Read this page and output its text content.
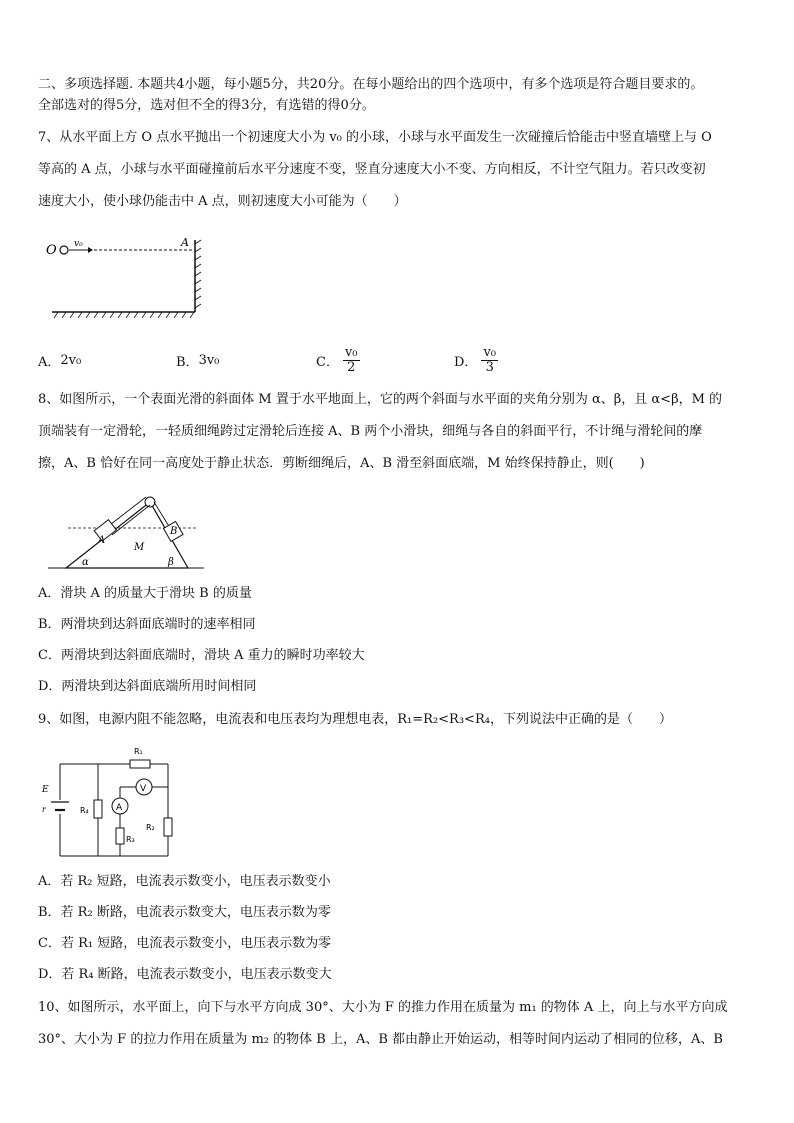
二、多项选择题. 本题共4小题，每小题5分，共20分。在每小题给出的四个选项中，有多个选项是符合题目要求的。

全部选对的得5分，选对但不全的得3分，有选错的得0分。

7、从水平面上方 O 点水平抛出一个初速度大小为 v₀ 的小球，小球与水平面发生一次碰撞后恰能击中竖直墙壁上与 O

等高的 A 点，小球与水平面碰撞前后水平分速度不变，竖直分速度大小不变、方向相反，不计空气阻力。若只改变初

速度大小，使小球仍能击中 A 点，则初速度大小可能为（　　）

O v₀	A
A． 2v₀	B． 3v₀	C． $\frac{\text{v₀}}{2}$	D． $\frac{\text{v₀}}{3}$

8、如图所示，一个表面光滑的斜面体 M 置于水平地面上，它的两个斜面与水平面的夹角分别为 α、β，且 α<β，M 的

顶端装有一定滑轮，一轻质细绳跨过定滑轮后连接 A、B 两个小滑块，细绳与各自的斜面平行，不计绳与滑轮间的摩

擦，A、B 恰好在同一高度处于静止状态．剪断细绳后，A、B 滑至斜面底端，M 始终保持静止，则(　　)

A
B
M
α	β

A．滑块 A 的质量大于滑块 B 的质量

B．两滑块到达斜面底端时的速率相同

C．两滑块到达斜面底端时，滑块 A 重力的瞬时功率较大

D．两滑块到达斜面底端所用时间相同

9、如图，电源内阻不能忽略，电流表和电压表均为理想电表，R₁=R₂<R₃<R₄，下列说法中正确的是（　　）

E
r
R₁
R₄
V
A
R₃
R₂

A．若 R₂ 短路，电流表示数变小，电压表示数变小

B．若 R₂ 断路，电流表示数变大，电压表示数为零

C．若 R₁ 短路，电流表示数变小，电压表示数为零

D．若 R₄ 断路，电流表示数变小，电压表示数变大

10、如图所示，水平面上，向下与水平方向成 30°、大小为 F 的推力作用在质量为 m₁ 的物体 A 上，向上与水平方向成

30°、大小为 F 的拉力作用在质量为 m₂ 的物体 B 上，A、B 都由静止开始运动，相等时间内运动了相同的位移，A、B
